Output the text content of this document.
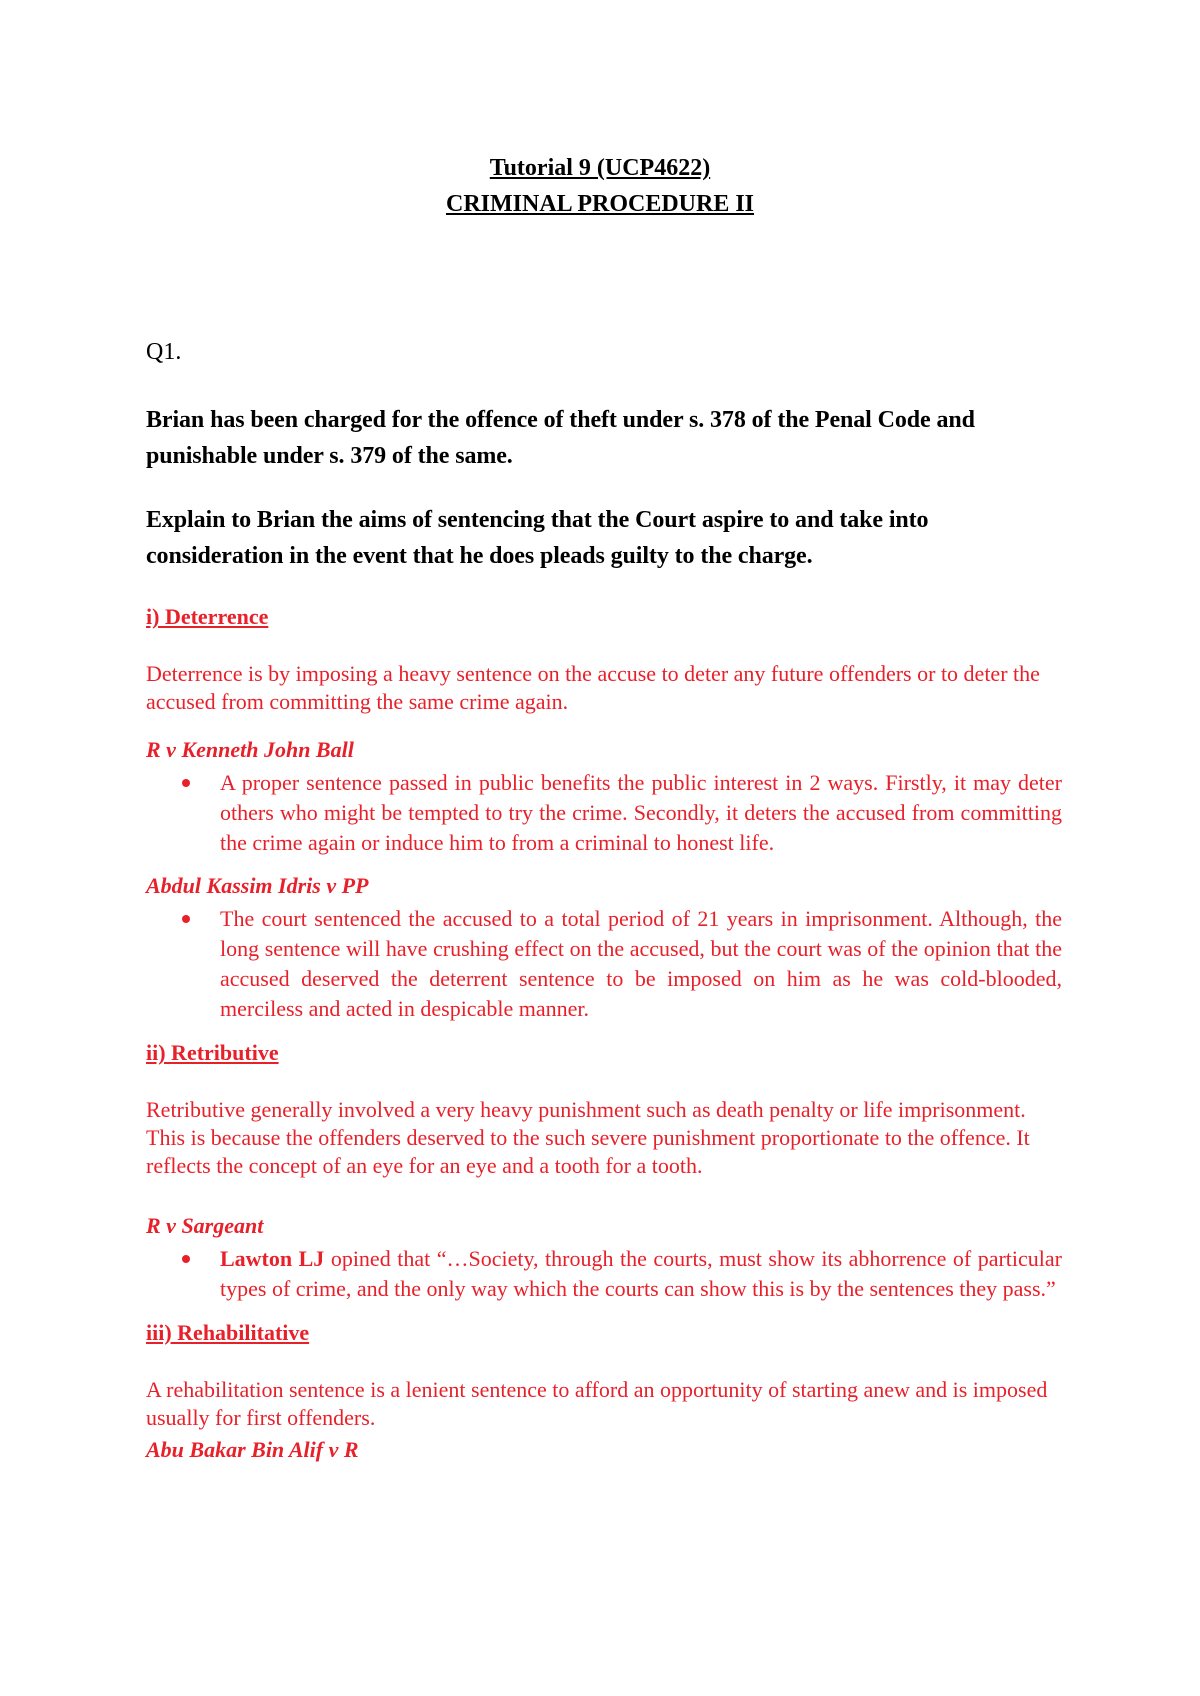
Tutorial 9 (UCP4622)
CRIMINAL PROCEDURE II
Q1.

Brian has been charged for the offence of theft under s. 378 of the Penal Code and punishable under s. 379 of the same.

Explain to Brian the aims of sentencing that the Court aspire to and take into consideration in the event that he does pleads guilty to the charge.

i) Deterrence

Deterrence is by imposing a heavy sentence on the accuse to deter any future offenders or to deter the accused from committing the same crime again.

R v Kenneth John Ball
A proper sentence passed in public benefits the public interest in 2 ways. Firstly, it may deter others who might be tempted to try the crime. Secondly, it deters the accused from committing the crime again or induce him to from a criminal to honest life.
Abdul Kassim Idris v PP
The court sentenced the accused to a total period of 21 years in imprisonment. Although, the long sentence will have crushing effect on the accused, but the court was of the opinion that the accused deserved the deterrent sentence to be imposed on him as he was cold-blooded, merciless and acted in despicable manner.
ii) Retributive

Retributive generally involved a very heavy punishment such as death penalty or life imprisonment. This is because the offenders deserved to the such severe punishment proportionate to the offence. It reflects the concept of an eye for an eye and a tooth for a tooth.

R v Sargeant
Lawton LJ opined that “…Society, through the courts, must show its abhorrence of particular types of crime, and the only way which the courts can show this is by the sentences they pass.”
iii) Rehabilitative

A rehabilitation sentence is a lenient sentence to afford an opportunity of starting anew and is imposed usually for first offenders.

Abu Bakar Bin Alif v R
